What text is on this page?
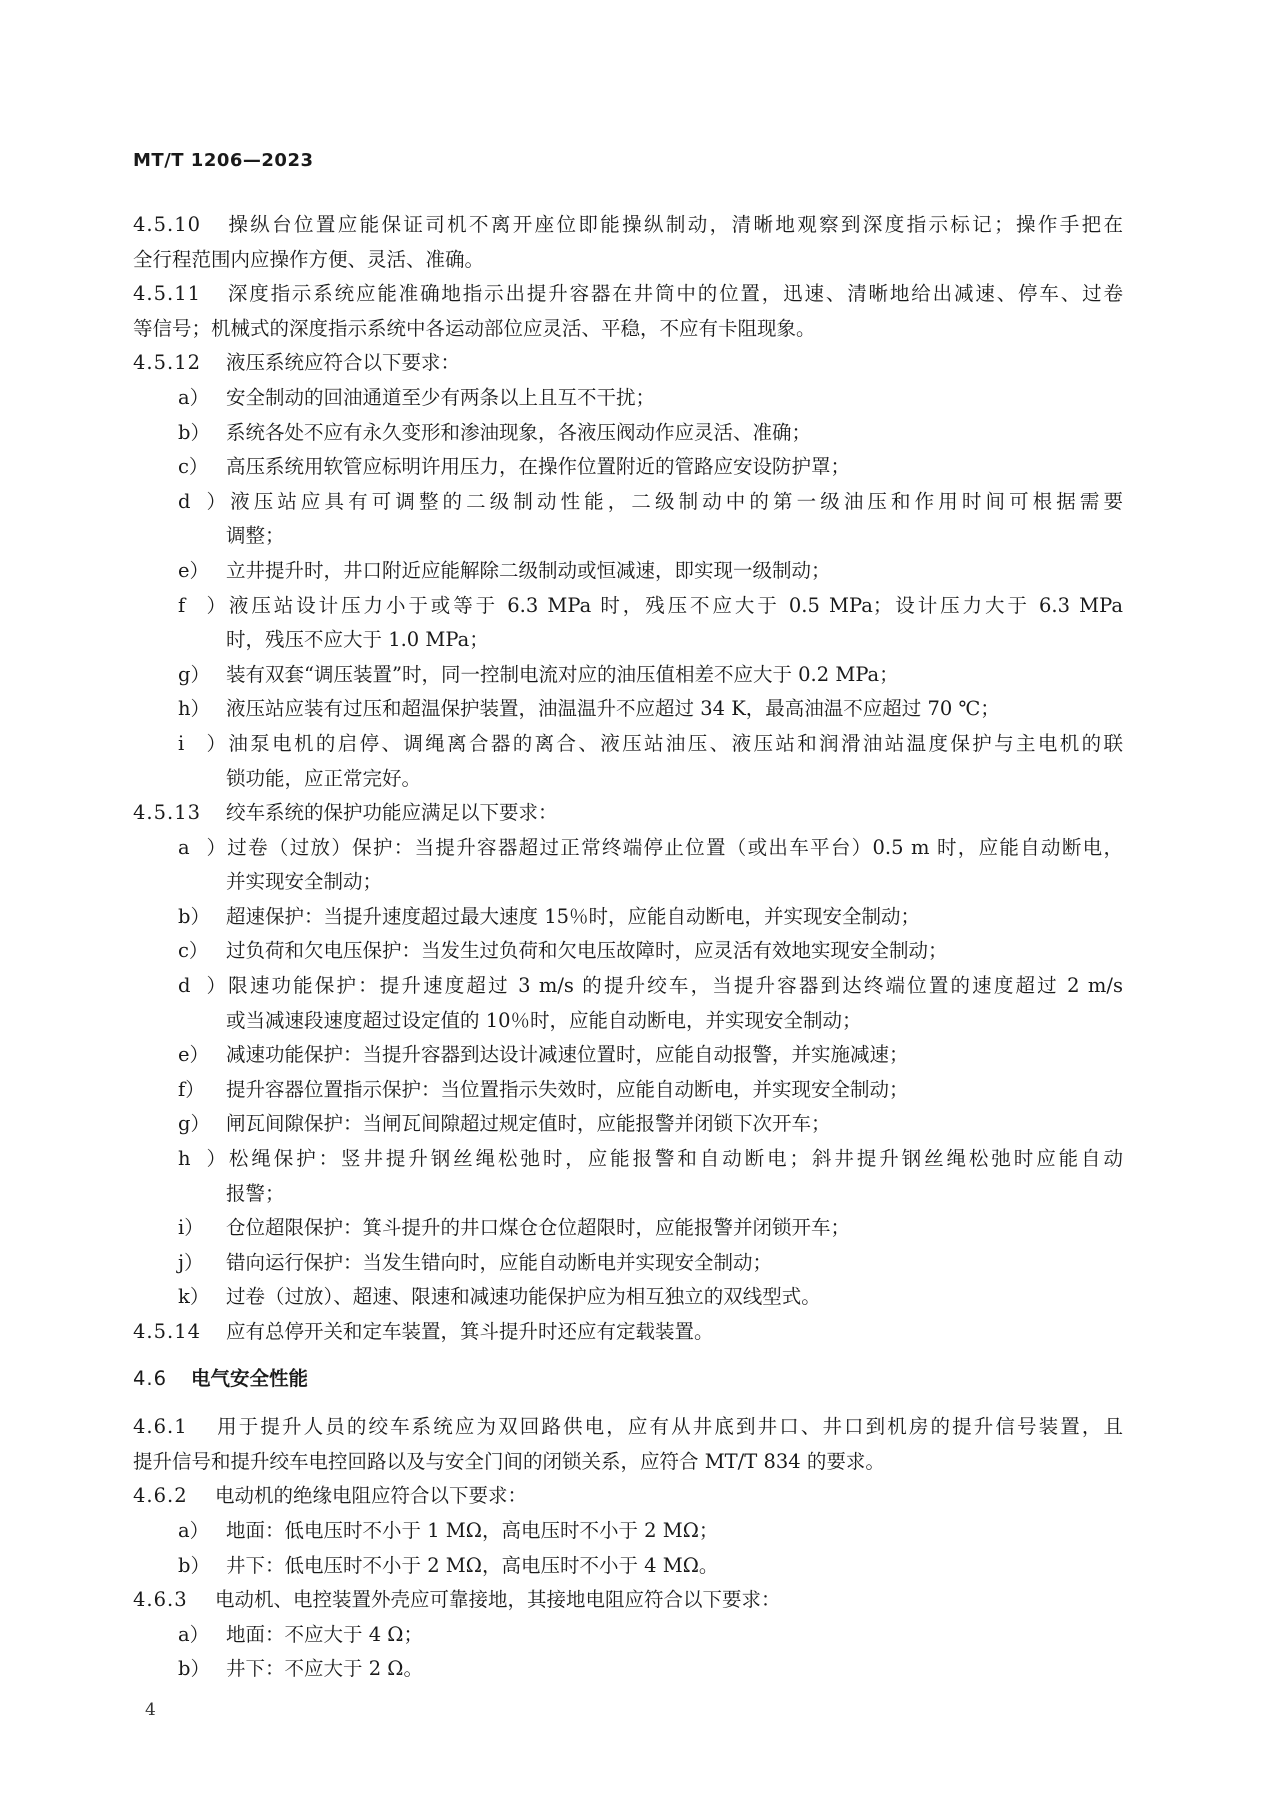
MT/T 1206—2023
4.5.10 操纵台位置应能保证司机不离开座位即能操纵制动，清晰地观察到深度指示标记；操作手把在
全行程范围内应操作方便、灵活、准确。
4.5.11 深度指示系统应能准确地指示出提升容器在井筒中的位置，迅速、清晰地给出减速、停车、过卷
等信号；机械式的深度指示系统中各运动部位应灵活、平稳，不应有卡阻现象。
4.5.12 液压系统应符合以下要求：
a） 安全制动的回油通道至少有两条以上且互不干扰；
b） 系统各处不应有永久变形和渗油现象，各液压阀动作应灵活、准确；
c） 高压系统用软管应标明许用压力，在操作位置附近的管路应安设防护罩；
d）液压站应具有可调整的二级制动性能，二级制动中的第一级油压和作用时间可根据需要
调整；
e） 立井提升时，井口附近应能解除二级制动或恒减速，即实现一级制动；
f）液压站设计压力小于或等于 6.3 MPa 时，残压不应大于 0.5 MPa；设计压力大于 6.3 MPa
时，残压不应大于 1.0 MPa；
g） 装有双套“调压装置”时，同一控制电流对应的油压值相差不应大于 0.2 MPa；
h） 液压站应装有过压和超温保护装置，油温温升不应超过 34 K，最高油温不应超过 70 ℃；
i）油泵电机的启停、调绳离合器的离合、液压站油压、液压站和润滑油站温度保护与主电机的联
锁功能，应正常完好。
4.5.13 绞车系统的保护功能应满足以下要求：
a）过卷（过放）保护：当提升容器超过正常终端停止位置（或出车平台）0.5 m 时，应能自动断电，
并实现安全制动；
b） 超速保护：当提升速度超过最大速度 15％时，应能自动断电，并实现安全制动；
c） 过负荷和欠电压保护：当发生过负荷和欠电压故障时，应灵活有效地实现安全制动；
d）限速功能保护：提升速度超过 3 m/s 的提升绞车，当提升容器到达终端位置的速度超过 2 m/s
或当减速段速度超过设定值的 10％时，应能自动断电，并实现安全制动；
e） 减速功能保护：当提升容器到达设计减速位置时，应能自动报警，并实施减速；
f） 提升容器位置指示保护：当位置指示失效时，应能自动断电，并实现安全制动；
g） 闸瓦间隙保护：当闸瓦间隙超过规定值时，应能报警并闭锁下次开车；
h）松绳保护：竖井提升钢丝绳松弛时，应能报警和自动断电；斜井提升钢丝绳松弛时应能自动
报警；
i） 仓位超限保护：箕斗提升的井口煤仓仓位超限时，应能报警并闭锁开车；
j） 错向运行保护：当发生错向时，应能自动断电并实现安全制动；
k） 过卷（过放）、超速、限速和减速功能保护应为相互独立的双线型式。
4.5.14 应有总停开关和定车装置，箕斗提升时还应有定载装置。
4.6 电气安全性能
4.6.1 用于提升人员的绞车系统应为双回路供电，应有从井底到井口、井口到机房的提升信号装置，且
提升信号和提升绞车电控回路以及与安全门间的闭锁关系，应符合 MT/T 834 的要求。
4.6.2 电动机的绝缘电阻应符合以下要求：
a） 地面：低电压时不小于 1 MΩ，高电压时不小于 2 MΩ；
b） 井下：低电压时不小于 2 MΩ，高电压时不小于 4 MΩ。
4.6.3 电动机、电控装置外壳应可靠接地，其接地电阻应符合以下要求：
a） 地面：不应大于 4 Ω；
b） 井下：不应大于 2 Ω。
4
